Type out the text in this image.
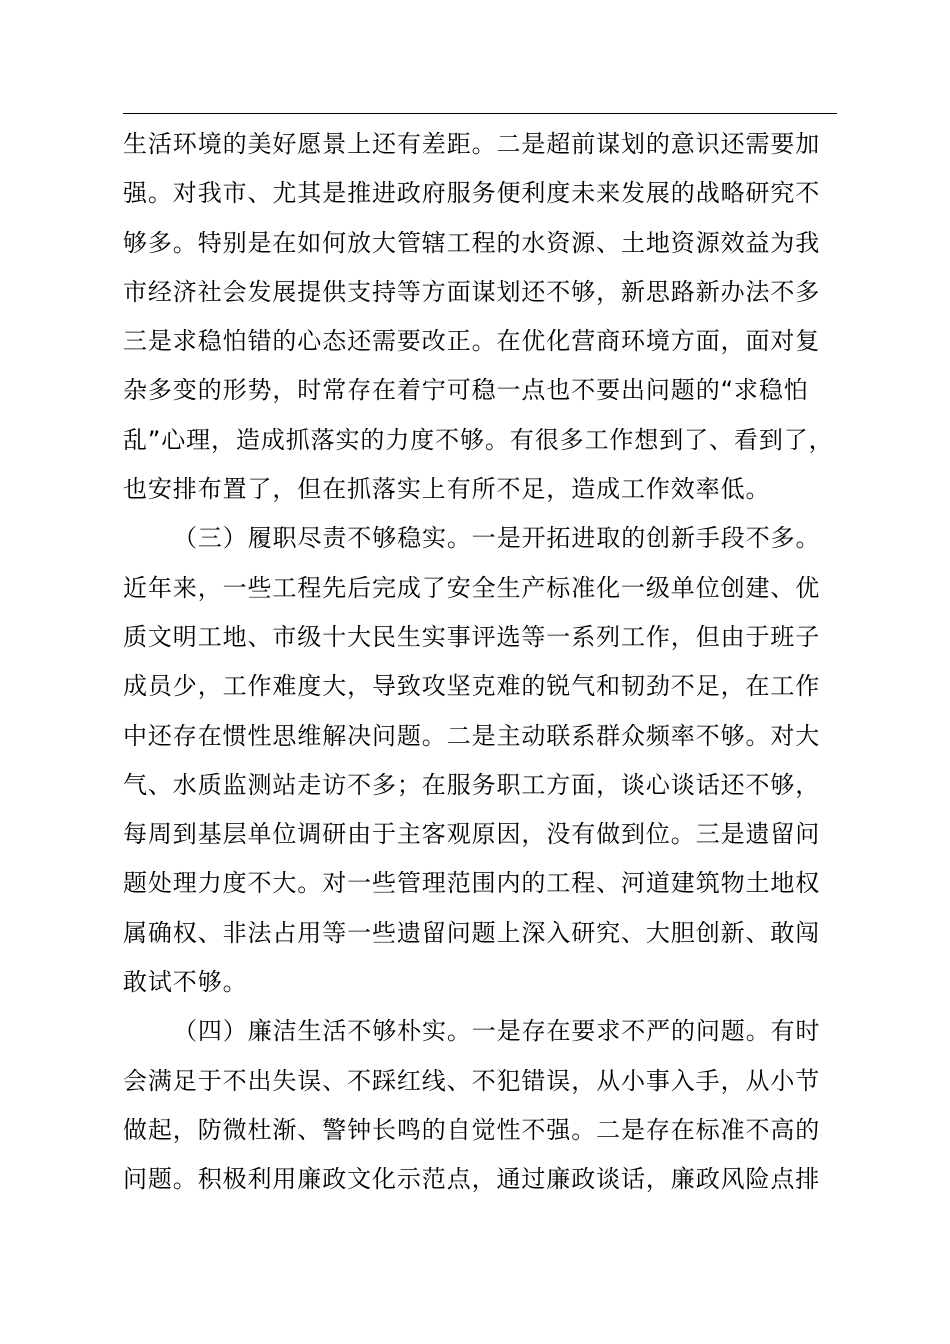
生活环境的美好愿景上还有差距。二是超前谋划的意识还需要加
强。对我市、尤其是推进政府服务便利度未来发展的战略研究不
够多。特别是在如何放大管辖工程的水资源、土地资源效益为我
市经济社会发展提供支持等方面谋划还不够，新思路新办法不多
三是求稳怕错的心态还需要改正。在优化营商环境方面，面对复
杂多变的形势，时常存在着宁可稳一点也不要出问题的“求稳怕
乱”心理，造成抓落实的力度不够。有很多工作想到了、看到了，
也安排布置了，但在抓落实上有所不足，造成工作效率低。
（三）履职尽责不够稳实。一是开拓进取的创新手段不多。
近年来，一些工程先后完成了安全生产标准化一级单位创建、优
质文明工地、市级十大民生实事评选等一系列工作，但由于班子
成员少，工作难度大，导致攻坚克难的锐气和韧劲不足，在工作
中还存在惯性思维解决问题。二是主动联系群众频率不够。对大
气、水质监测站走访不多；在服务职工方面，谈心谈话还不够，
每周到基层单位调研由于主客观原因，没有做到位。三是遗留问
题处理力度不大。对一些管理范围内的工程、河道建筑物土地权
属确权、非法占用等一些遗留问题上深入研究、大胆创新、敢闯
敢试不够。
（四）廉洁生活不够朴实。一是存在要求不严的问题。有时
会满足于不出失误、不踩红线、不犯错误，从小事入手，从小节
做起，防微杜渐、警钟长鸣的自觉性不强。二是存在标准不高的
问题。积极利用廉政文化示范点，通过廉政谈话，廉政风险点排
